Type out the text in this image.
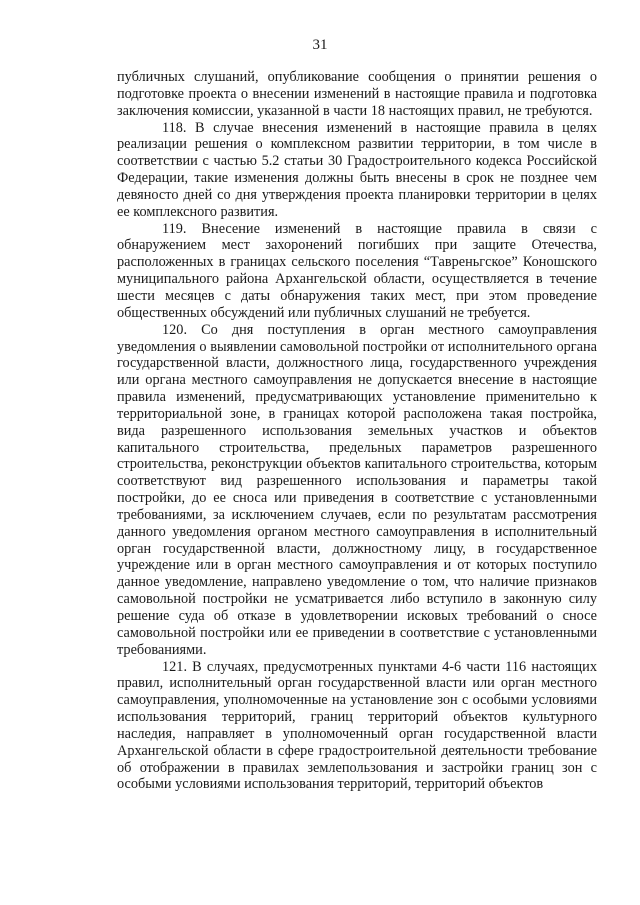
31

публичных слушаний, опубликование сообщения о принятии решения о подготовке проекта о внесении изменений в настоящие правила и подготовка заключения комиссии, указанной в части 18 настоящих правил, не требуются.

118. В случае внесения изменений в настоящие правила в целях реализации решения о комплексном развитии территории, в том числе в соответствии с частью 5.2 статьи 30 Градостроительного кодекса Российской Федерации, такие изменения должны быть внесены в срок не позднее чем девяносто дней со дня утверждения проекта планировки территории в целях ее комплексного развития.

119. Внесение изменений в настоящие правила в связи с обнаружением мест захоронений погибших при защите Отечества, расположенных в границах сельского поселения “Тавреньгское” Коношского муниципального района Архангельской области, осуществляется в течение шести месяцев с даты обнаружения таких мест, при этом проведение общественных обсуждений или публичных слушаний не требуется.

120. Со дня поступления в орган местного самоуправления уведомления о выявлении самовольной постройки от исполнительного органа государственной власти, должностного лица, государственного учреждения или органа местного самоуправления не допускается внесение в настоящие правила изменений, предусматривающих установление применительно к территориальной зоне, в границах которой расположена такая постройка, вида разрешенного использования земельных участков и объектов капитального строительства, предельных параметров разрешенного строительства, реконструкции объектов капитального строительства, которым соответствуют вид разрешенного использования и параметры такой постройки, до ее сноса или приведения в соответствие с установленными требованиями, за исключением случаев, если по результатам рассмотрения данного уведомления органом местного самоуправления в исполнительный орган государственной власти, должностному лицу, в государственное учреждение или в орган местного самоуправления и от которых поступило данное уведомление, направлено уведомление о том, что наличие признаков самовольной постройки не усматривается либо вступило в законную силу решение суда об отказе в удовлетворении исковых требований о сносе самовольной постройки или ее приведении в соответствие с установленными требованиями.

121. В случаях, предусмотренных пунктами 4-6 части 116 настоящих правил, исполнительный орган государственной власти или орган местного самоуправления, уполномоченные на установление зон с особыми условиями использования территорий, границ территорий объектов культурного наследия, направляет в уполномоченный орган государственной власти Архангельской области в сфере градостроительной деятельности требование об отображении в правилах землепользования и застройки границ зон с особыми условиями использования территорий, территорий объектов
